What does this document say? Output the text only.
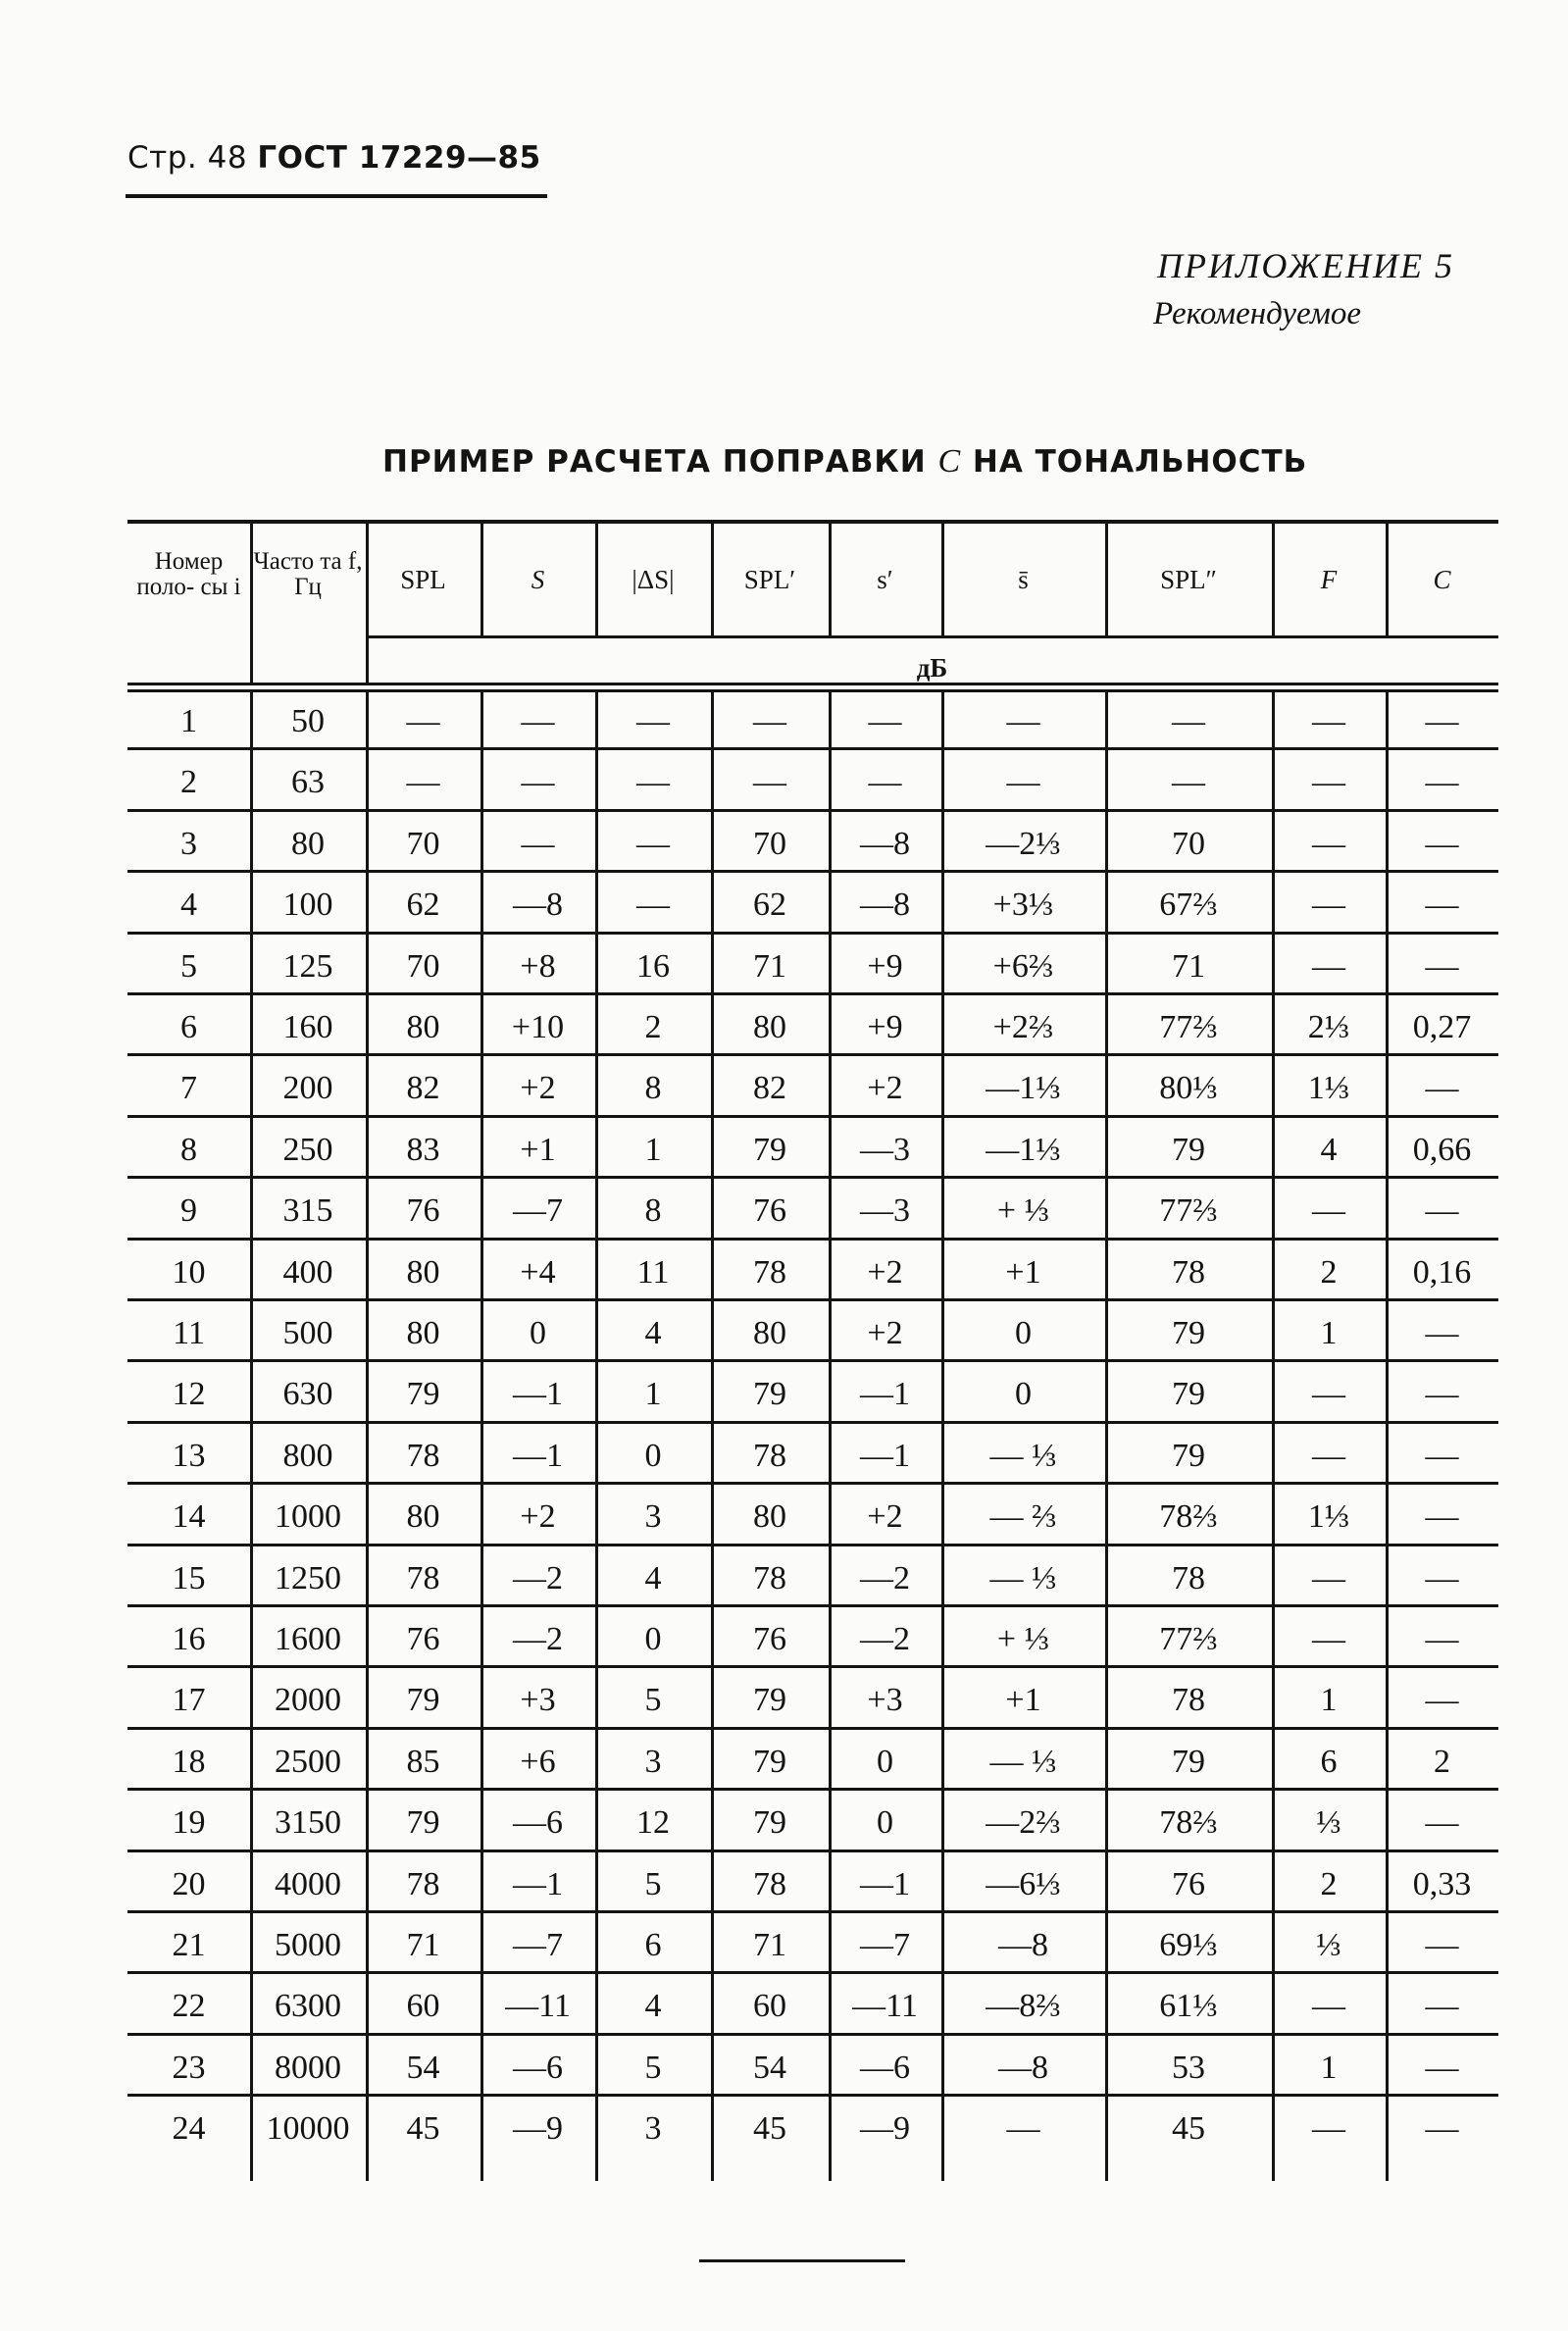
Стр. 48 ГОСТ 17229—85
ПРИЛОЖЕНИЕ 5
Рекомендуемое
ПРИМЕР РАСЧЕТА ПОПРАВКИ C НА ТОНАЛЬНОСТЬ
Номер поло- сы i
Часто та f, Гц	SPL	S	|ΔS|	SPL′	s′	s̄	SPL″	F	C
дБ
1	50	—	—	—	—	—	—	—	—	—
2	63	—	—	—	—	—	—	—	—	—
3	80	70	—	—	70	—8	—2⅓	70	—	—
4	100	62	—8	—	62	—8	+3⅓	67⅔	—	—
5	125	70	+8	16	71	+9	+6⅔	71	—	—
6	160	80	+10	2	80	+9	+2⅔	77⅔	2⅓	0,27
7	200	82	+2	8	82	+2	—1⅓	80⅓	1⅓	—
8	250	83	+1	1	79	—3	—1⅓	79	4	0,66
9	315	76	—7	8	76	—3	+ ⅓	77⅔	—	—
10	400	80	+4	11	78	+2	+1	78	2	0,16
11	500	80	0	4	80	+2	0	79	1	—
12	630	79	—1	1	79	—1	0	79	—	—
13	800	78	—1	0	78	—1	— ⅓	79	—	—
14	1000	80	+2	3	80	+2	— ⅔	78⅔	1⅓	—
15	1250	78	—2	4	78	—2	— ⅓	78	—	—
16	1600	76	—2	0	76	—2	+ ⅓	77⅔	—	—
17	2000	79	+3	5	79	+3	+1	78	1	—
18	2500	85	+6	3	79	0	— ⅓	79	6	2
19	3150	79	—6	12	79	0	—2⅔	78⅔	⅓	—
20	4000	78	—1	5	78	—1	—6⅓	76	2	0,33
21	5000	71	—7	6	71	—7	—8	69⅓	⅓	—
22	6300	60	—11	4	60	—11	—8⅔	61⅓	—	—
23	8000	54	—6	5	54	—6	—8	53	1	—
24	10000	45	—9	3	45	—9	—	45	—	—
